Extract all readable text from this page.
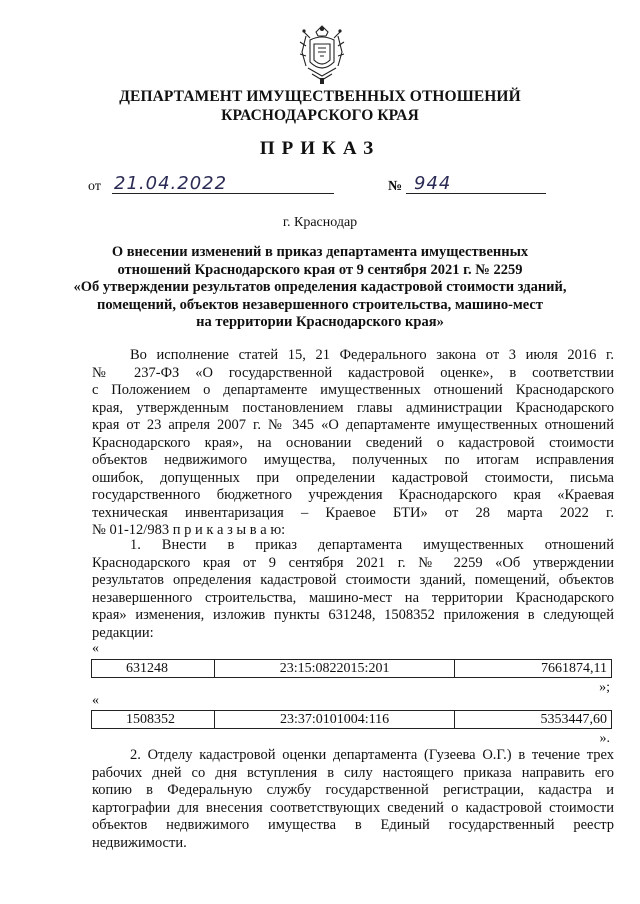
ДЕПАРТАМЕНТ ИМУЩЕСТВЕННЫХ ОТНОШЕНИЙ
КРАСНОДАРСКОГО КРАЯ
ПРИКАЗ
от 21.04.2022	№ 944
г. Краснодар
О внесении изменений в приказ департамента имущественных
отношений Краснодарского края от 9 сентября 2021 г. № 2259
«Об утверждении результатов определения кадастровой стоимости зданий,
помещений, объектов незавершенного строительства, машино-мест
на территории Краснодарского края»
Во исполнение статей 15, 21 Федерального закона от 3 июля 2016 г.
№ 237-ФЗ «О государственной кадастровой оценке», в соответствии
с Положением о департаменте имущественных отношений Краснодарского
края, утвержденным постановлением главы администрации Краснодарского
края от 23 апреля 2007 г. № 345 «О департаменте имущественных отношений
Краснодарского края», на основании сведений о кадастровой стоимости
объектов недвижимого имущества, полученных по итогам исправления
ошибок, допущенных при определении кадастровой стоимости, письма
государственного бюджетного учреждения Краснодарского края «Краевая
техническая инвентаризация – Краевое БТИ» от 28 марта 2022 г.
№ 01-12/983 п р и к а з ы в а ю:
1. Внести в приказ департамента имущественных отношений
Краснодарского края от 9 сентября 2021 г. № 2259 «Об утверждении
результатов определения кадастровой стоимости зданий, помещений, объектов
незавершенного строительства, машино-мест на территории Краснодарского
края» изменения, изложив пункты 631248, 1508352 приложения в следующей
редакции:
«
631248	23:15:0822015:201	7661874,11
»;
«
1508352	23:37:0101004:116	5353447,60
».
2. Отделу кадастровой оценки департамента (Гузеева О.Г.) в течение трех
рабочих дней со дня вступления в силу настоящего приказа направить его
копию в Федеральную службу государственной регистрации, кадастра и
картографии для внесения соответствующих сведений о кадастровой стоимости
объектов недвижимого имущества в Единый государственный реестр
недвижимости.
